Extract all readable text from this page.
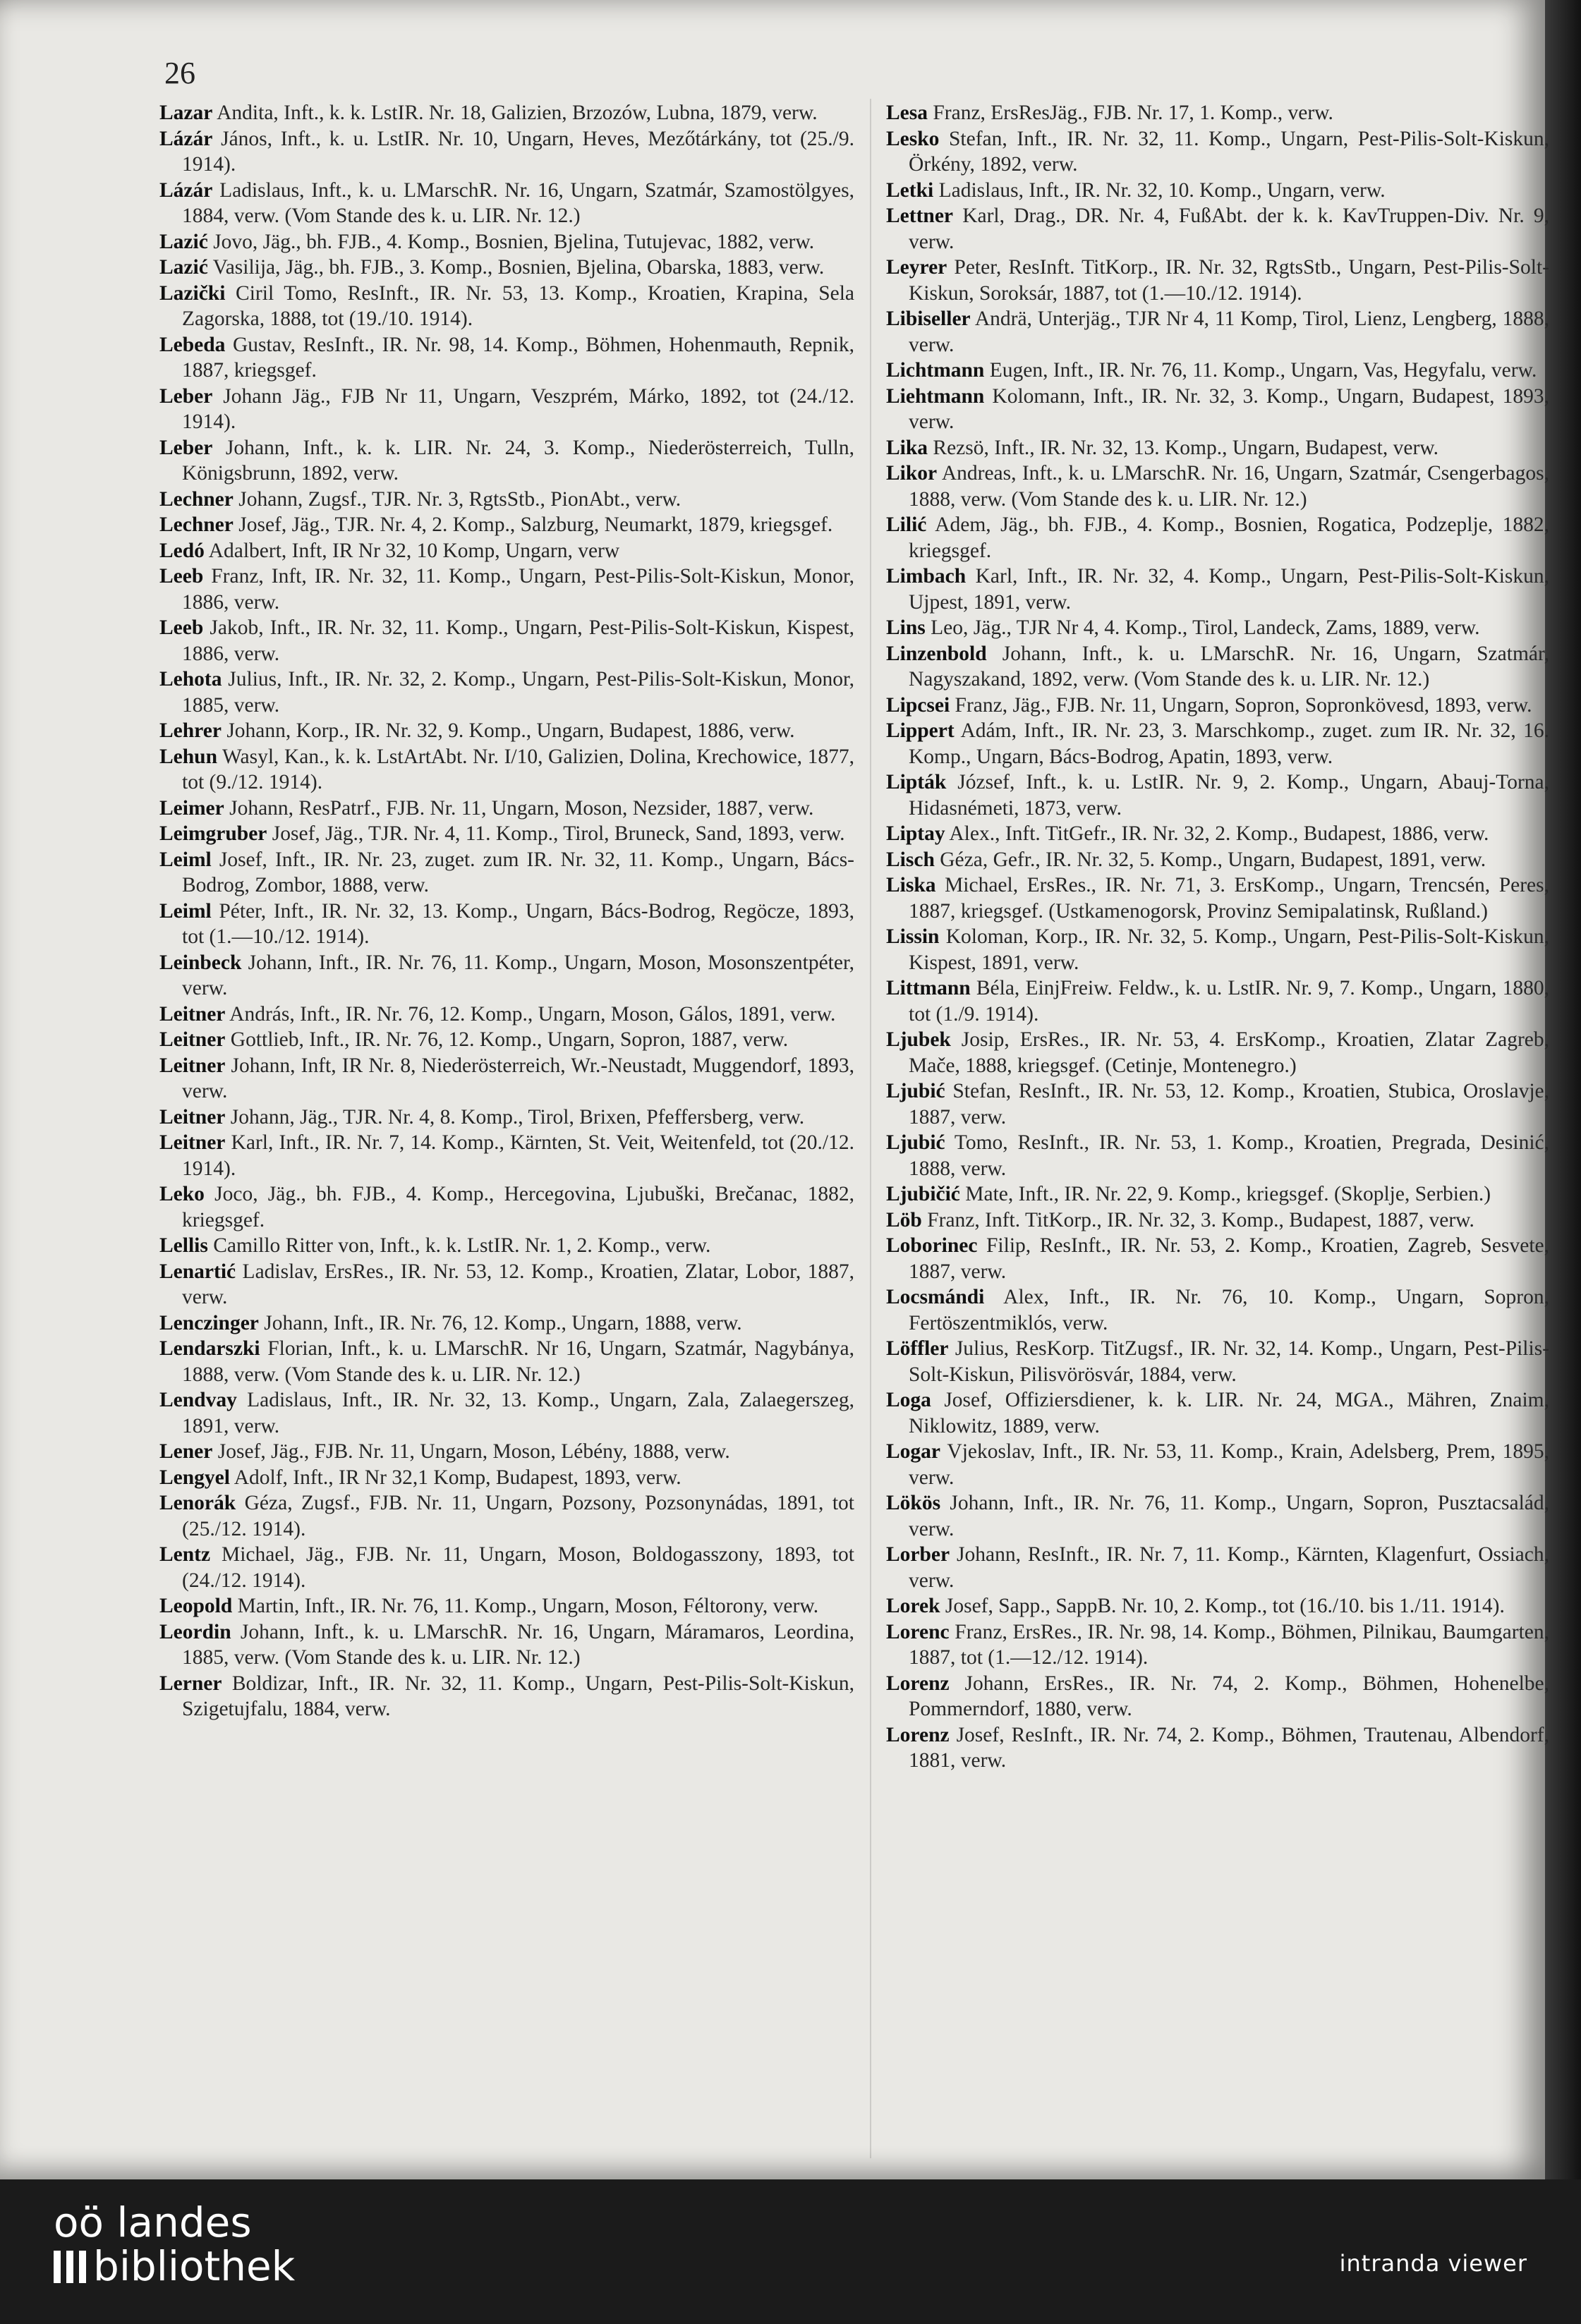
26

Lazar Andita, Inft., k. k. LstIR. Nr. 18, Galizien, Brzozów, Lubna, 1879, verw.

Lázár János, Inft., k. u. LstIR. Nr. 10, Ungarn, Heves, Mezőtárkány, tot (25./9. 1914).

Lázár Ladislaus, Inft., k. u. LMarschR. Nr. 16, Ungarn, Szatmár, Szamostölgyes, 1884, verw. (Vom Stande des k. u. LIR. Nr. 12.)

Lazić Jovo, Jäg., bh. FJB., 4. Komp., Bosnien, Bjelina, Tutujevac, 1882, verw.

Lazić Vasilija, Jäg., bh. FJB., 3. Komp., Bosnien, Bjelina, Obarska, 1883, verw.

Lazički Ciril Tomo, ResInft., IR. Nr. 53, 13. Komp., Kroatien, Krapina, Sela Zagorska, 1888, tot (19./10. 1914).

Lebeda Gustav, ResInft., IR. Nr. 98, 14. Komp., Böhmen, Hohenmauth, Repnik, 1887, kriegsgef.

Leber Johann Jäg., FJB Nr 11, Ungarn, Veszprém, Márko, 1892, tot (24./12. 1914).

Leber Johann, Inft., k. k. LIR. Nr. 24, 3. Komp., Niederösterreich, Tulln, Königsbrunn, 1892, verw.

Lechner Johann, Zugsf., TJR. Nr. 3, RgtsStb., PionAbt., verw.

Lechner Josef, Jäg., TJR. Nr. 4, 2. Komp., Salzburg, Neumarkt, 1879, kriegsgef.

Ledó Adalbert, Inft, IR Nr 32, 10 Komp, Ungarn, verw

Leeb Franz, Inft, IR. Nr. 32, 11. Komp., Ungarn, Pest-Pilis-Solt-Kiskun, Monor, 1886, verw.

Leeb Jakob, Inft., IR. Nr. 32, 11. Komp., Ungarn, Pest-Pilis-Solt-Kiskun, Kispest, 1886, verw.

Lehota Julius, Inft., IR. Nr. 32, 2. Komp., Ungarn, Pest-Pilis-Solt-Kiskun, Monor, 1885, verw.

Lehrer Johann, Korp., IR. Nr. 32, 9. Komp., Ungarn, Budapest, 1886, verw.

Lehun Wasyl, Kan., k. k. LstArtAbt. Nr. I/10, Galizien, Dolina, Krechowice, 1877, tot (9./12. 1914).

Leimer Johann, ResPatrf., FJB. Nr. 11, Ungarn, Moson, Nezsider, 1887, verw.

Leimgruber Josef, Jäg., TJR. Nr. 4, 11. Komp., Tirol, Bruneck, Sand, 1893, verw.

Leiml Josef, Inft., IR. Nr. 23, zuget. zum IR. Nr. 32, 11. Komp., Ungarn, Bács-Bodrog, Zombor, 1888, verw.

Leiml Péter, Inft., IR. Nr. 32, 13. Komp., Ungarn, Bács-Bodrog, Regöcze, 1893, tot (1.—10./12. 1914).

Leinbeck Johann, Inft., IR. Nr. 76, 11. Komp., Ungarn, Moson, Mosonszentpéter, verw.

Leitner András, Inft., IR. Nr. 76, 12. Komp., Ungarn, Moson, Gálos, 1891, verw.

Leitner Gottlieb, Inft., IR. Nr. 76, 12. Komp., Ungarn, Sopron, 1887, verw.

Leitner Johann, Inft, IR Nr. 8, Niederösterreich, Wr.-Neustadt, Muggendorf, 1893, verw.

Leitner Johann, Jäg., TJR. Nr. 4, 8. Komp., Tirol, Brixen, Pfeffersberg, verw.

Leitner Karl, Inft., IR. Nr. 7, 14. Komp., Kärnten, St. Veit, Weitenfeld, tot (20./12. 1914).

Leko Joco, Jäg., bh. FJB., 4. Komp., Hercegovina, Ljubuški, Brečanac, 1882, kriegsgef.

Lellis Camillo Ritter von, Inft., k. k. LstIR. Nr. 1, 2. Komp., verw.

Lenartić Ladislav, ErsRes., IR. Nr. 53, 12. Komp., Kroatien, Zlatar, Lobor, 1887, verw.

Lenczinger Johann, Inft., IR. Nr. 76, 12. Komp., Ungarn, 1888, verw.

Lendarszki Florian, Inft., k. u. LMarschR. Nr 16, Ungarn, Szatmár, Nagybánya, 1888, verw. (Vom Stande des k. u. LIR. Nr. 12.)

Lendvay Ladislaus, Inft., IR. Nr. 32, 13. Komp., Ungarn, Zala, Zalaegerszeg, 1891, verw.

Lener Josef, Jäg., FJB. Nr. 11, Ungarn, Moson, Lébény, 1888, verw.

Lengyel Adolf, Inft., IR Nr 32,1 Komp, Budapest, 1893, verw.

Lenorák Géza, Zugsf., FJB. Nr. 11, Ungarn, Pozsony, Pozsonynádas, 1891, tot (25./12. 1914).

Lentz Michael, Jäg., FJB. Nr. 11, Ungarn, Moson, Boldogasszony, 1893, tot (24./12. 1914).

Leopold Martin, Inft., IR. Nr. 76, 11. Komp., Ungarn, Moson, Féltorony, verw.

Leordin Johann, Inft., k. u. LMarschR. Nr. 16, Ungarn, Máramaros, Leordina, 1885, verw. (Vom Stande des k. u. LIR. Nr. 12.)

Lerner Boldizar, Inft., IR. Nr. 32, 11. Komp., Ungarn, Pest-Pilis-Solt-Kiskun, Szigetujfalu, 1884, verw.

Lesa Franz, ErsResJäg., FJB. Nr. 17, 1. Komp., verw.

Lesko Stefan, Inft., IR. Nr. 32, 11. Komp., Ungarn, Pest-Pilis-Solt-Kiskun, Örkény, 1892, verw.

Letki Ladislaus, Inft., IR. Nr. 32, 10. Komp., Ungarn, verw.

Lettner Karl, Drag., DR. Nr. 4, FußAbt. der k. k. KavTruppen-Div. Nr. 9, verw.

Leyrer Peter, ResInft. TitKorp., IR. Nr. 32, RgtsStb., Ungarn, Pest-Pilis-Solt-Kiskun, Soroksár, 1887, tot (1.—10./12. 1914).

Libiseller Andrä, Unterjäg., TJR Nr 4, 11 Komp, Tirol, Lienz, Lengberg, 1888, verw.

Lichtmann Eugen, Inft., IR. Nr. 76, 11. Komp., Ungarn, Vas, Hegyfalu, verw.

Liehtmann Kolomann, Inft., IR. Nr. 32, 3. Komp., Ungarn, Budapest, 1893, verw.

Lika Rezsö, Inft., IR. Nr. 32, 13. Komp., Ungarn, Budapest, verw.

Likor Andreas, Inft., k. u. LMarschR. Nr. 16, Ungarn, Szatmár, Csengerbagos, 1888, verw. (Vom Stande des k. u. LIR. Nr. 12.)

Lilić Adem, Jäg., bh. FJB., 4. Komp., Bosnien, Rogatica, Podzeplje, 1882, kriegsgef.

Limbach Karl, Inft., IR. Nr. 32, 4. Komp., Ungarn, Pest-Pilis-Solt-Kiskun, Ujpest, 1891, verw.

Lins Leo, Jäg., TJR Nr 4, 4. Komp., Tirol, Landeck, Zams, 1889, verw.

Linzenbold Johann, Inft., k. u. LMarschR. Nr. 16, Ungarn, Szatmár, Nagyszakand, 1892, verw. (Vom Stande des k. u. LIR. Nr. 12.)

Lipcsei Franz, Jäg., FJB. Nr. 11, Ungarn, Sopron, Sopronkövesd, 1893, verw.

Lippert Adám, Inft., IR. Nr. 23, 3. Marschkomp., zuget. zum IR. Nr. 32, 16. Komp., Ungarn, Bács-Bodrog, Apatin, 1893, verw.

Lipták József, Inft., k. u. LstIR. Nr. 9, 2. Komp., Ungarn, Abauj-Torna, Hidasnémeti, 1873, verw.

Liptay Alex., Inft. TitGefr., IR. Nr. 32, 2. Komp., Budapest, 1886, verw.

Lisch Géza, Gefr., IR. Nr. 32, 5. Komp., Ungarn, Budapest, 1891, verw.

Liska Michael, ErsRes., IR. Nr. 71, 3. ErsKomp., Ungarn, Trencsén, Peres, 1887, kriegsgef. (Ustkamenogorsk, Provinz Semipalatinsk, Rußland.)

Lissin Koloman, Korp., IR. Nr. 32, 5. Komp., Ungarn, Pest-Pilis-Solt-Kiskun, Kispest, 1891, verw.

Littmann Béla, EinjFreiw. Feldw., k. u. LstIR. Nr. 9, 7. Komp., Ungarn, 1880, tot (1./9. 1914).

Ljubek Josip, ErsRes., IR. Nr. 53, 4. ErsKomp., Kroatien, Zlatar Zagreb, Mače, 1888, kriegsgef. (Cetinje, Montenegro.)

Ljubić Stefan, ResInft., IR. Nr. 53, 12. Komp., Kroatien, Stubica, Oroslavje, 1887, verw.

Ljubić Tomo, ResInft., IR. Nr. 53, 1. Komp., Kroatien, Pregrada, Desinić, 1888, verw.

Ljubičić Mate, Inft., IR. Nr. 22, 9. Komp., kriegsgef. (Skoplje, Serbien.)

Löb Franz, Inft. TitKorp., IR. Nr. 32, 3. Komp., Budapest, 1887, verw.

Loborinec Filip, ResInft., IR. Nr. 53, 2. Komp., Kroatien, Zagreb, Sesvete, 1887, verw.

Locsmándi Alex, Inft., IR. Nr. 76, 10. Komp., Ungarn, Sopron, Fertöszentmiklós, verw.

Löffler Julius, ResKorp. TitZugsf., IR. Nr. 32, 14. Komp., Ungarn, Pest-Pilis-Solt-Kiskun, Pilisvörösvár, 1884, verw.

Loga Josef, Offiziersdiener, k. k. LIR. Nr. 24, MGA., Mähren, Znaim, Niklowitz, 1889, verw.

Logar Vjekoslav, Inft., IR. Nr. 53, 11. Komp., Krain, Adelsberg, Prem, 1895, verw.

Lökös Johann, Inft., IR. Nr. 76, 11. Komp., Ungarn, Sopron, Pusztacsalád, verw.

Lorber Johann, ResInft., IR. Nr. 7, 11. Komp., Kärnten, Klagenfurt, Ossiach, verw.

Lorek Josef, Sapp., SappB. Nr. 10, 2. Komp., tot (16./10. bis 1./11. 1914).

Lorenc Franz, ErsRes., IR. Nr. 98, 14. Komp., Böhmen, Pilnikau, Baumgarten, 1887, tot (1.—12./12. 1914).

Lorenz Johann, ErsRes., IR. Nr. 74, 2. Komp., Böhmen, Hohenelbe, Pommerndorf, 1880, verw.

Lorenz Josef, ResInft., IR. Nr. 74, 2. Komp., Böhmen, Trautenau, Albendorf, 1881, verw.

oö landes
bibliothek	intranda viewer
